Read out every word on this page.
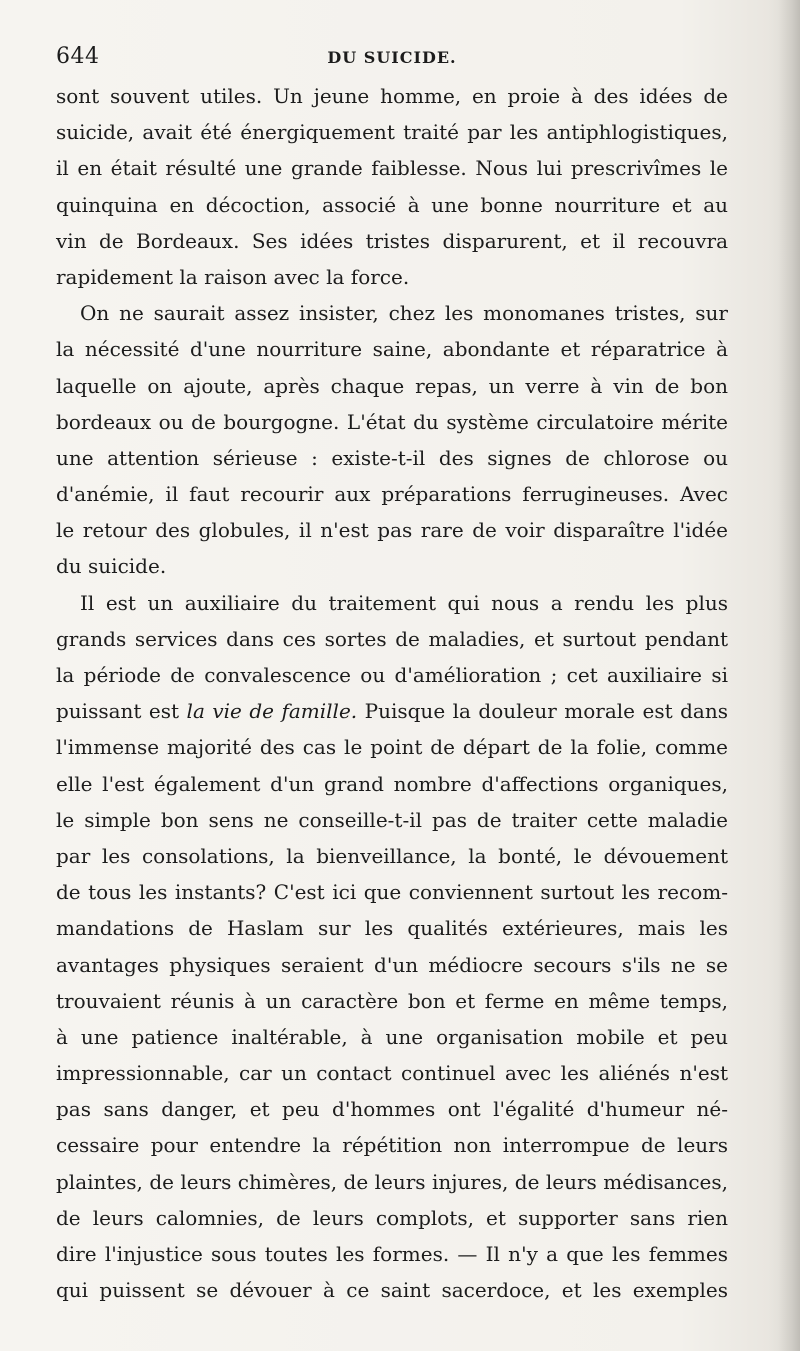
644	DU SUICIDE.
sont souvent utiles. Un jeune homme, en proie à des idées de
suicide, avait été énergiquement traité par les antiphlogistiques,
il en était résulté une grande faiblesse. Nous lui prescrivîmes le
quinquina en décoction, associé à une bonne nourriture et au
vin de Bordeaux. Ses idées tristes disparurent, et il recouvra
rapidement la raison avec la force.
On ne saurait assez insister, chez les monomanes tristes, sur
la nécessité d'une nourriture saine, abondante et réparatrice à
laquelle on ajoute, après chaque repas, un verre à vin de bon
bordeaux ou de bourgogne. L'état du système circulatoire mérite
une attention sérieuse : existe-t-il des signes de chlorose ou
d'anémie, il faut recourir aux préparations ferrugineuses. Avec
le retour des globules, il n'est pas rare de voir disparaître l'idée
du suicide.
Il est un auxiliaire du traitement qui nous a rendu les plus
grands services dans ces sortes de maladies, et surtout pendant
la période de convalescence ou d'amélioration ; cet auxiliaire si
puissant est la vie de famille. Puisque la douleur morale est dans
l'immense majorité des cas le point de départ de la folie, comme
elle l'est également d'un grand nombre d'affections organiques,
le simple bon sens ne conseille-t-il pas de traiter cette maladie
par les consolations, la bienveillance, la bonté, le dévouement
de tous les instants? C'est ici que conviennent surtout les recom-
mandations de Haslam sur les qualités extérieures, mais les
avantages physiques seraient d'un médiocre secours s'ils ne se
trouvaient réunis à un caractère bon et ferme en même temps,
à une patience inaltérable, à une organisation mobile et peu
impressionnable, car un contact continuel avec les aliénés n'est
pas sans danger, et peu d'hommes ont l'égalité d'humeur né-
cessaire pour entendre la répétition non interrompue de leurs
plaintes, de leurs chimères, de leurs injures, de leurs médisances,
de leurs calomnies, de leurs complots, et supporter sans rien
dire l'injustice sous toutes les formes. — Il n'y a que les femmes
qui puissent se dévouer à ce saint sacerdoce, et les exemples
